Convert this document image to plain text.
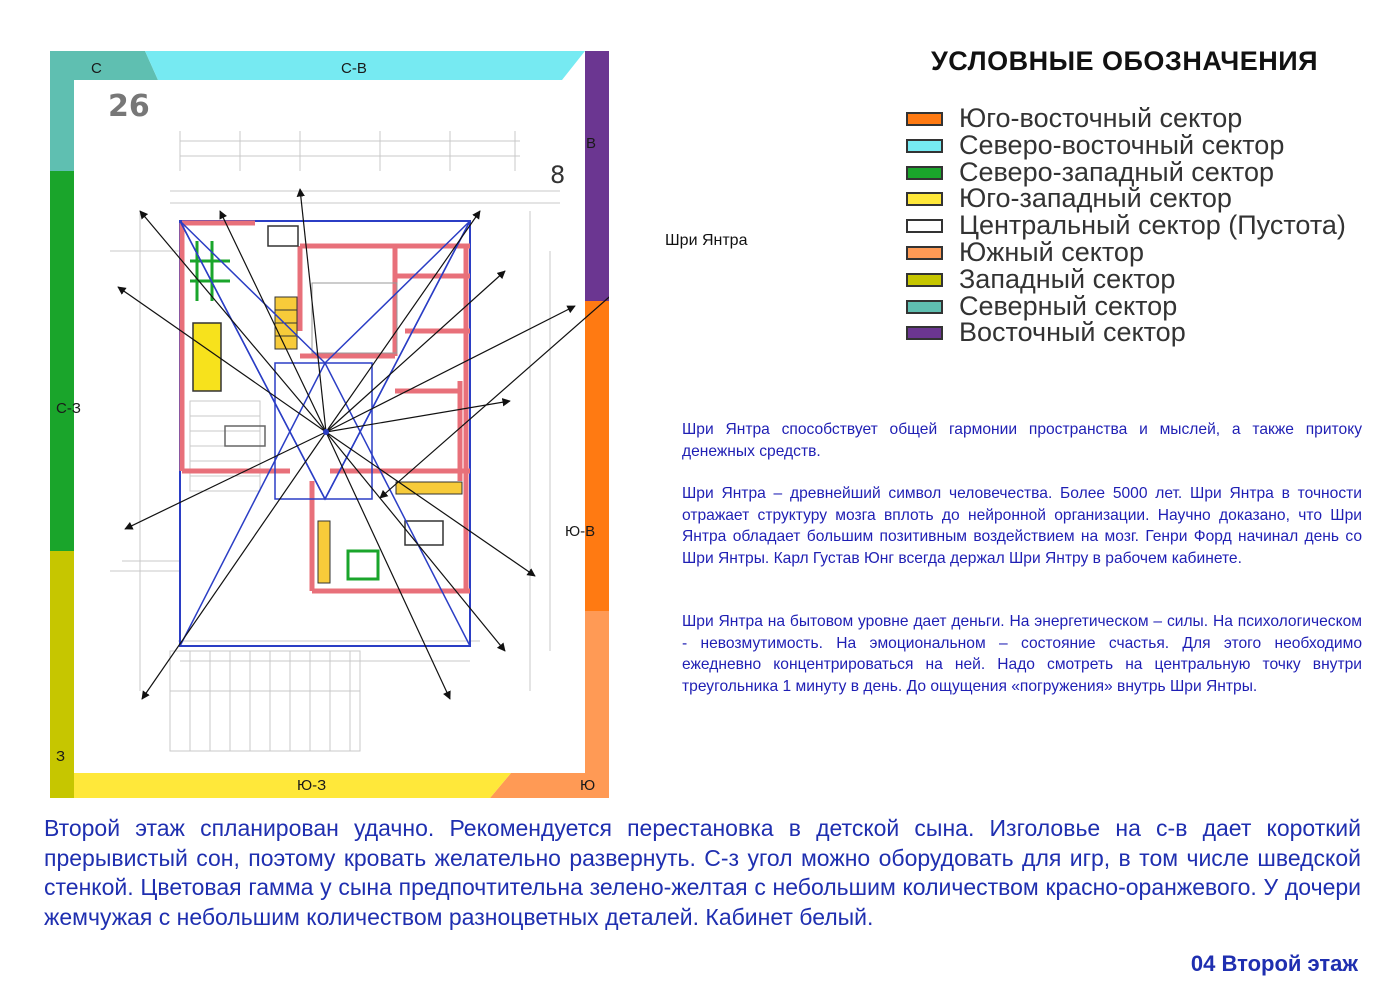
С	С-В
В
С-З
Ю-В
З
Ю-З	Ю
26
8
Шри Янтра
УСЛОВНЫЕ ОБОЗНАЧЕНИЯ
Юго-восточный сектор
Северо-восточный сектор
Северо-западный сектор
Юго-западный сектор
Центральный сектор (Пустота)
Южный сектор
Западный сектор
Северный сектор
Восточный сектор
Шри Янтра способствует общей гармонии пространства и мыслей, а также притоку денежных средств.
Шри Янтра – древнейший символ человечества. Более 5000 лет. Шри Янтра в точности отражает структуру мозга вплоть до нейронной организации. Научно доказано, что Шри Янтра обладает большим позитивным воздействием на мозг. Генри Форд начинал день со Шри Янтры. Карл Густав Юнг всегда держал Шри Янтру в рабочем кабинете.
Шри Янтра на бытовом уровне дает деньги. На энергетическом – силы. На психологическом - невозмутимость. На эмоциональном – состояние счастья. Для этого необходимо ежедневно концентрироваться на ней. Надо смотреть на центральную точку внутри треугольника 1 минуту в день. До ощущения «погружения» внутрь Шри Янтры.
Второй этаж спланирован удачно. Рекомендуется перестановка в детской сына. Изголовье на с-в дает короткий прерывистый сон, поэтому кровать желательно развернуть. С-з угол можно оборудовать для игр, в том числе шведской стенкой. Цветовая гамма у сына предпочтительна зелено-желтая с небольшим количеством красно-оранжевого. У дочери жемчужая с небольшим количеством разноцветных деталей. Кабинет белый.
04 Второй этаж
